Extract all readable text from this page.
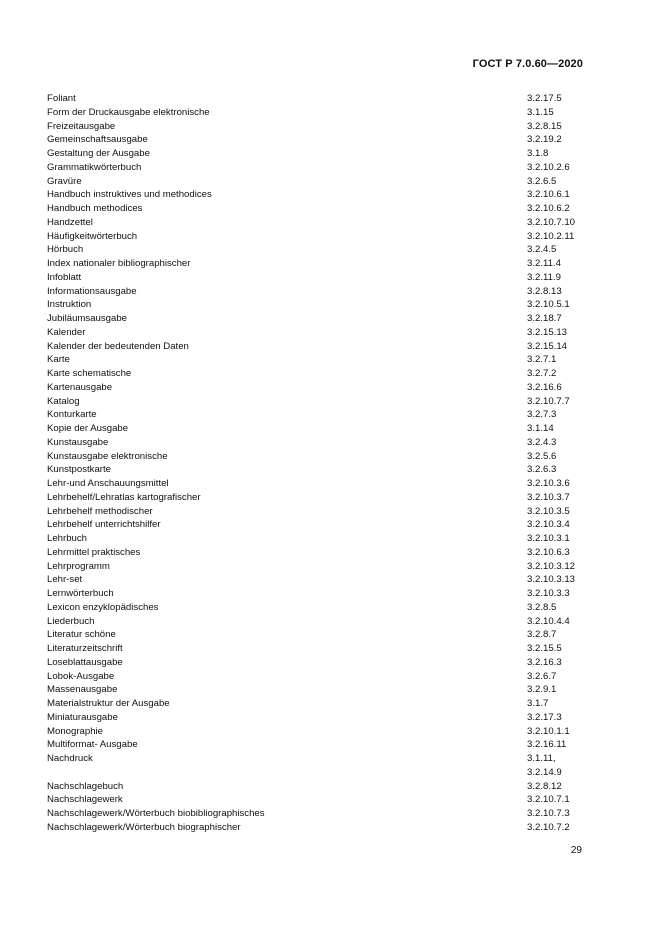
ГОСТ Р 7.0.60—2020
Foliant	3.2.17.5
Form der Druckausgabe elektronische	3.1.15
Freizeitausgabe	3.2.8.15
Gemeinschaftsausgabe	3.2.19.2
Gestaltung der Ausgabe	3.1.8
Grammatikwörterbuch	3.2.10.2.6
Gravüre	3.2.6.5
Handbuch instruktives und methodices	3.2.10.6.1
Handbuch methodices	3.2.10.6.2
Handzettel	3.2.10.7.10
Häufigkeitwörterbuch	3.2.10.2.11
Hörbuch	3.2.4.5
Index nationaler bibliographischer	3.2.11.4
Infoblatt	3.2.11.9
Informationsausgabe	3.2.8.13
Instruktion	3.2.10.5.1
Jubiläumsausgabe	3.2.18.7
Kalender	3.2.15.13
Kalender der bedeutenden Daten	3.2.15.14
Karte	3.2.7.1
Karte schematische	3.2.7.2
Kartenausgabe	3.2.16.6
Katalog	3.2.10.7.7
Konturkarte	3.2.7.3
Kopie der Ausgabe	3.1.14
Kunstausgabe	3.2.4.3
Kunstausgabe elektronische	3.2.5.6
Kunstpostkarte	3.2.6.3
Lehr-und Anschauungsmittel	3.2.10.3.6
Lehrbehelf/Lehratlas kartografischer	3.2.10.3.7
Lehrbehelf methodischer	3.2.10.3.5
Lehrbehelf unterrichtshilfer	3.2.10.3.4
Lehrbuch	3.2.10.3.1
Lehrmittel praktisches	3.2.10.6.3
Lehrprogramm	3.2.10.3.12
Lehr-set	3.2.10.3.13
Lernwörterbuch	3.2.10.3.3
Lexicon enzyklopädisches	3.2.8.5
Liederbuch	3.2.10.4.4
Literatur schöne	3.2.8.7
Literaturzeitschrift	3.2.15.5
Loseblattausgabe	3.2.16.3
Lobok-Ausgabe	3.2.6.7
Massenausgabe	3.2.9.1
Materialstruktur der Ausgabe	3.1.7
Miniaturausgabe	3.2.17.3
Monographie	3.2.10.1.1
Multiformat- Ausgabe	3.2.16.11
Nachdruck	3.1.11,
3.2.14.9
Nachschlagebuch	3.2.8.12
Nachschlagewerk	3.2.10.7.1
Nachschlagewerk/Wörterbuch biobibliographisches	3.2.10.7.3
Nachschlagewerk/Wörterbuch biographischer	3.2.10.7.2
29
